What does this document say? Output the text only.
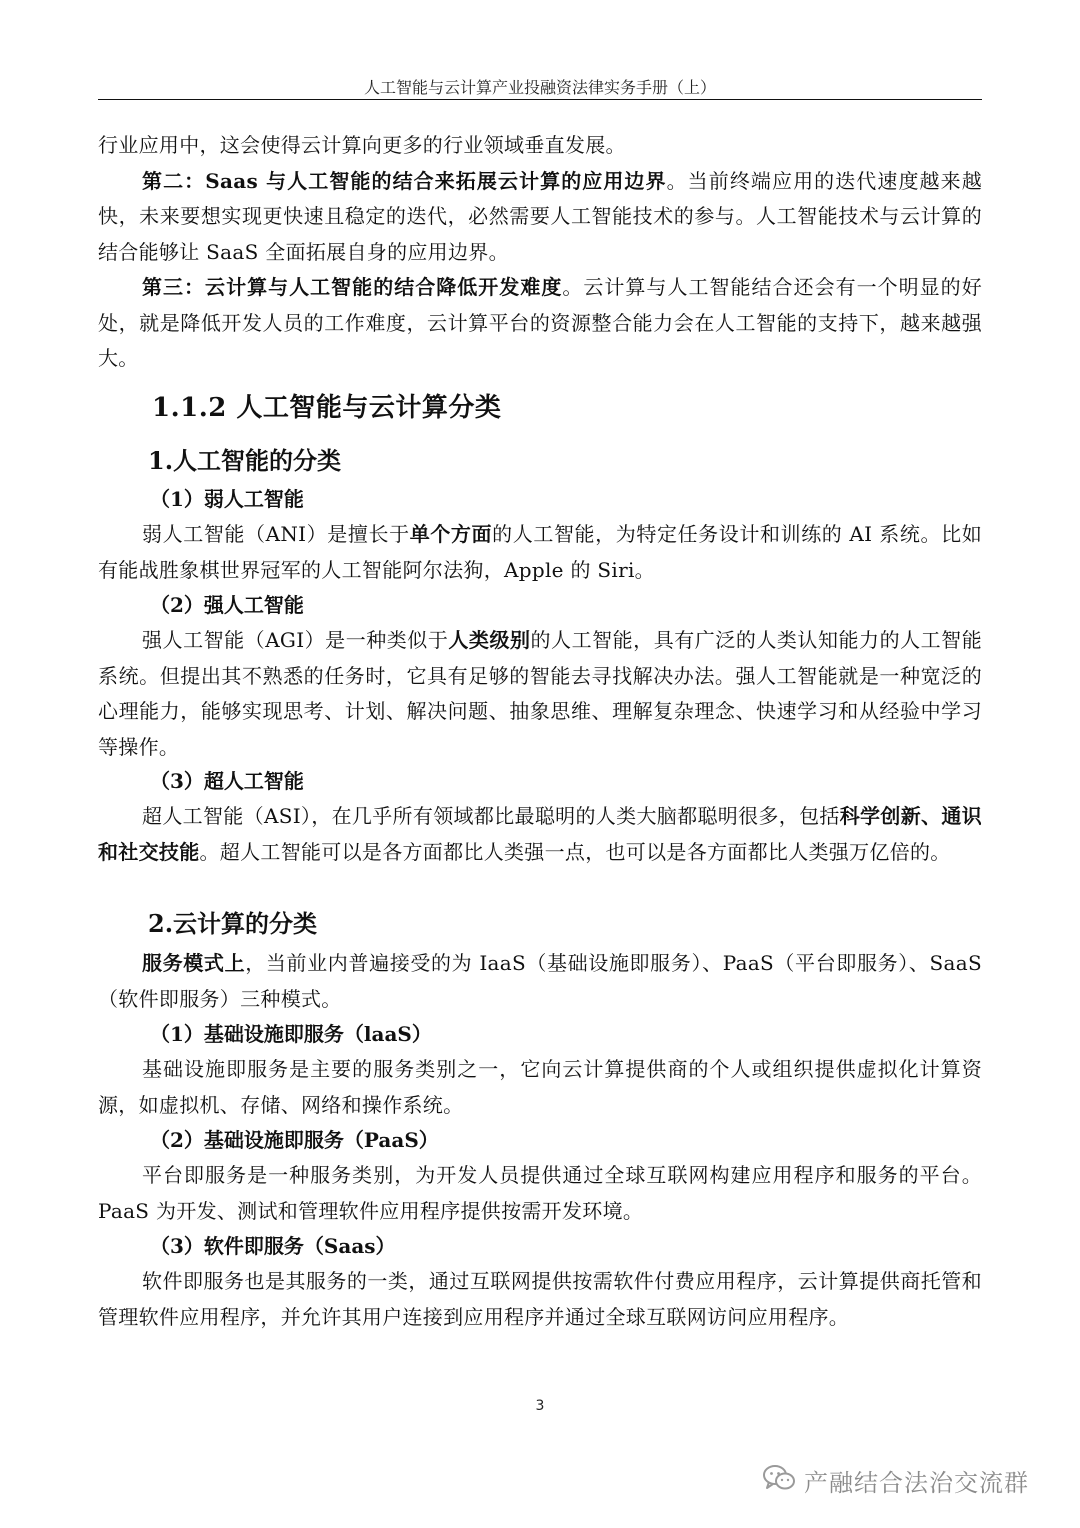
人工智能与云计算产业投融资法律实务手册（上）

行业应用中，这会使得云计算向更多的行业领域垂直发展。

第二：Saas 与人工智能的结合来拓展云计算的应用边界。当前终端应用的迭代速度越来越快，未来要想实现更快速且稳定的迭代，必然需要人工智能技术的参与。人工智能技术与云计算的结合能够让 SaaS 全面拓展自身的应用边界。

第三：云计算与人工智能的结合降低开发难度。云计算与人工智能结合还会有一个明显的好处，就是降低开发人员的工作难度，云计算平台的资源整合能力会在人工智能的支持下，越来越强大。

1.1.2 人工智能与云计算分类
1.人工智能的分类
（1）弱人工智能

弱人工智能（ANI）是擅长于单个方面的人工智能，为特定任务设计和训练的 AI 系统。比如有能战胜象棋世界冠军的人工智能阿尔法狗，Apple 的 Siri。

（2）强人工智能

强人工智能（AGI）是一种类似于人类级别的人工智能，具有广泛的人类认知能力的人工智能系统。但提出其不熟悉的任务时，它具有足够的智能去寻找解决办法。强人工智能就是一种宽泛的心理能力，能够实现思考、计划、解决问题、抽象思维、理解复杂理念、快速学习和从经验中学习等操作。

（3）超人工智能

超人工智能（ASI），在几乎所有领域都比最聪明的人类大脑都聪明很多，包括科学创新、通识和社交技能。超人工智能可以是各方面都比人类强一点，也可以是各方面都比人类强万亿倍的。

2.云计算的分类

服务模式上，当前业内普遍接受的为 IaaS（基础设施即服务）、PaaS（平台即服务）、SaaS（软件即服务）三种模式。

（1）基础设施即服务（laaS）

基础设施即服务是主要的服务类别之一，它向云计算提供商的个人或组织提供虚拟化计算资源，如虚拟机、存储、网络和操作系统。

（2）基础设施即服务（PaaS）

平台即服务是一种服务类别，为开发人员提供通过全球互联网构建应用程序和服务的平台。PaaS 为开发、测试和管理软件应用程序提供按需开发环境。

（3）软件即服务（Saas）

软件即服务也是其服务的一类，通过互联网提供按需软件付费应用程序，云计算提供商托管和管理软件应用程序，并允许其用户连接到应用程序并通过全球互联网访问应用程序。

3
产融结合法治交流群
